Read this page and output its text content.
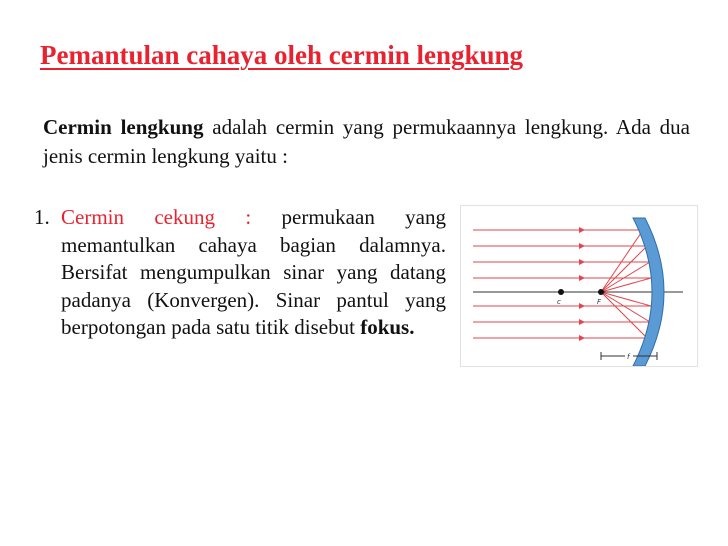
Pemantulan cahaya oleh cermin lengkung

Cermin lengkung adalah cermin yang permukaannya lengkung. Ada dua jenis cermin lengkung yaitu :

1. Cermin cekung : permukaan yang memantulkan cahaya bagian dalamnya. Bersifat mengumpulkan sinar yang datang padanya (Konvergen). Sinar pantul yang berpotongan pada satu titik disebut fokus.
c	F
f
